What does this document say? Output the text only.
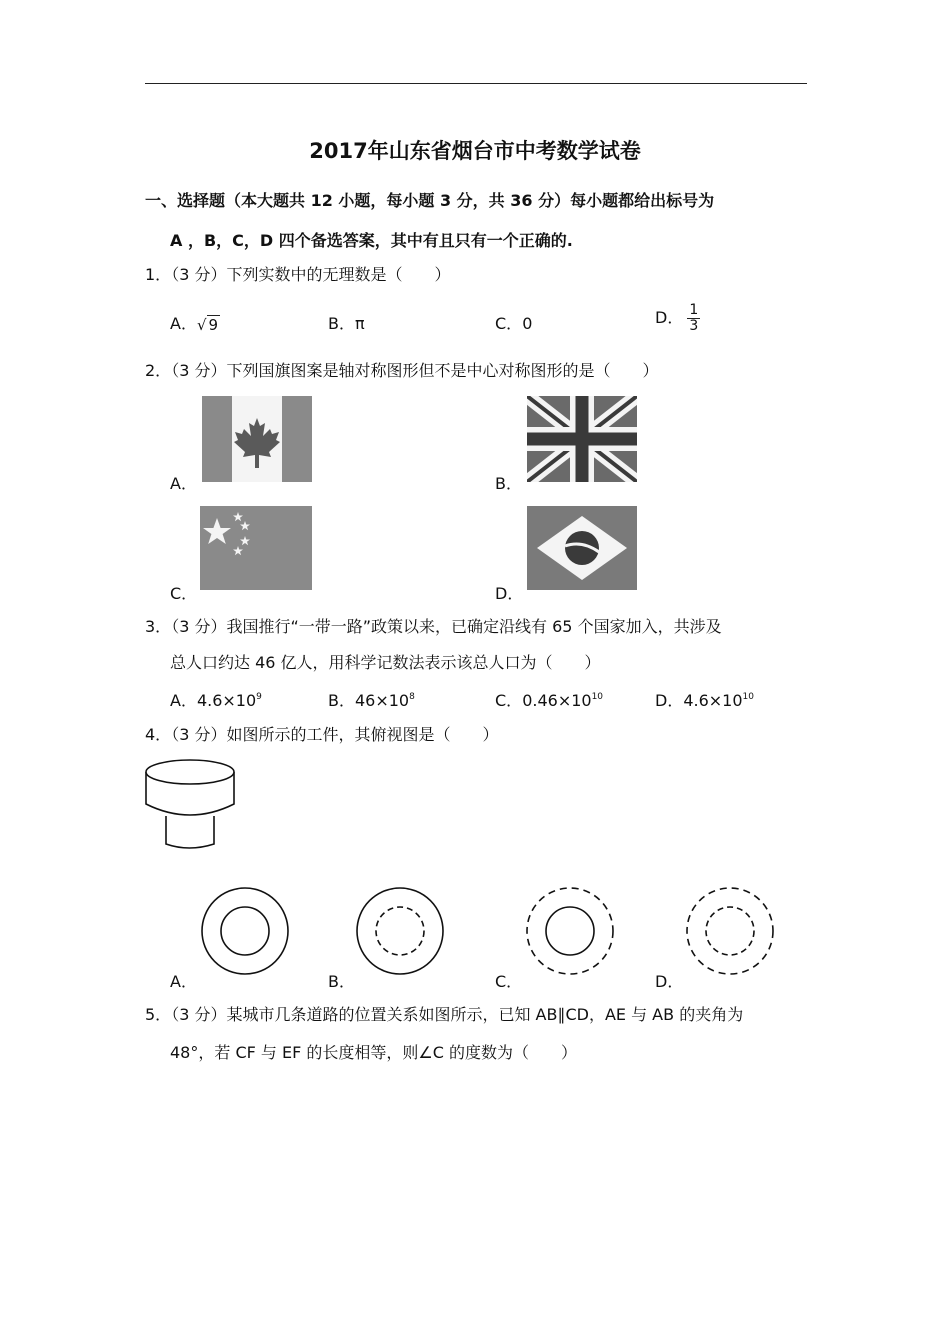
2017年山东省烟台市中考数学试卷
一、选择题（本大题共 12 小题，每小题 3 分，共 36 分）每小题都给出标号为
A ，B，C，D 四个备选答案，其中有且只有一个正确的.
1．（3 分）下列实数中的无理数是（　　）
A．√ 9	B．π	C．0	D． $\frac{1}{3}$
2．（3 分）下列国旗图案是轴对称图形但不是中心对称图形的是（　　）
A．	B．
C．	D．
3．（3 分）我国推行“一带一路”政策以来，已确定沿线有 65 个国家加入，共涉及
总人口约达 46 亿人，用科学记数法表示该总人口为（　　）
A．$4.6\times 10^9$	B．$46\times 10^8$	C．$0.46\times 10^{10}$	D．$4.6\times 10^{10}$
4．（3 分）如图所示的工件，其俯视图是（　　）
A．	B．	C．	D．
5．（3 分）某城市几条道路的位置关系如图所示，已知 AB∥CD，AE 与 AB 的夹角为
48°，若 CF 与 EF 的长度相等，则∠C 的度数为（　　）
